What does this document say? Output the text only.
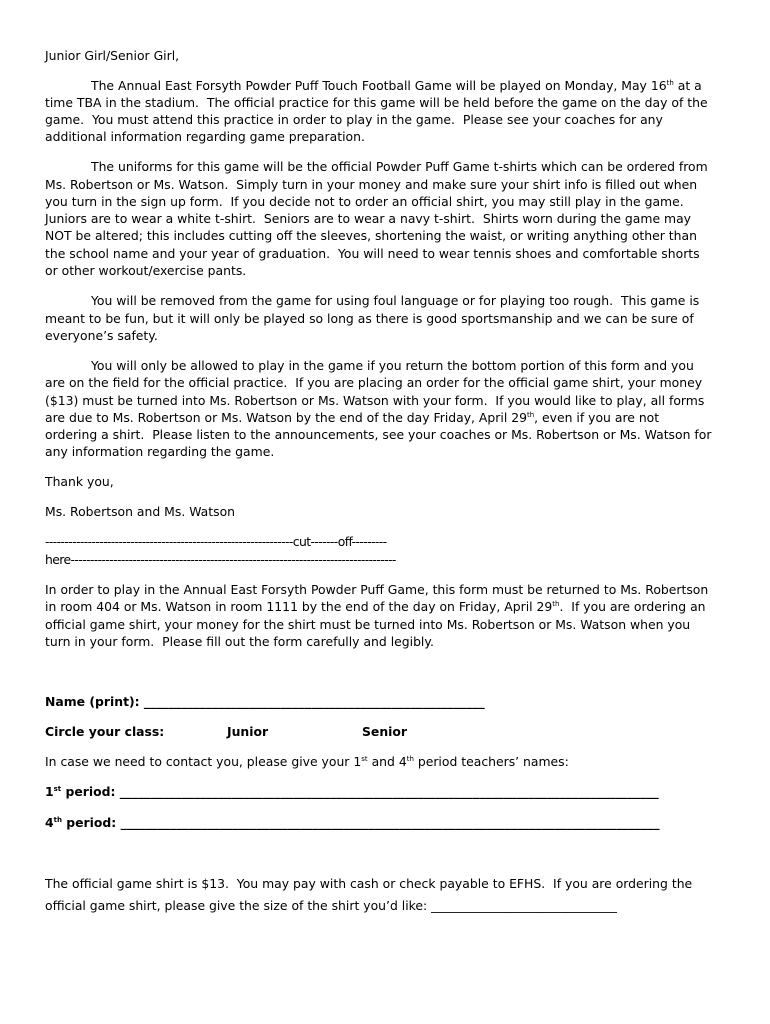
Junior Girl/Senior Girl,
The Annual East Forsyth Powder Puff Touch Football Game will be played on Monday, May 16th at a
time TBA in the stadium.  The official practice for this game will be held before the game on the day of the
game.  You must attend this practice in order to play in the game.  Please see your coaches for any
additional information regarding game preparation.
The uniforms for this game will be the official Powder Puff Game t-shirts which can be ordered from
Ms. Robertson or Ms. Watson.  Simply turn in your money and make sure your shirt info is filled out when
you turn in the sign up form.  If you decide not to order an official shirt, you may still play in the game.
Juniors are to wear a white t-shirt.  Seniors are to wear a navy t-shirt.  Shirts worn during the game may
NOT be altered; this includes cutting off the sleeves, shortening the waist, or writing anything other than
the school name and your year of graduation.  You will need to wear tennis shoes and comfortable shorts
or other workout/exercise pants.
You will be removed from the game for using foul language or for playing too rough.  This game is
meant to be fun, but it will only be played so long as there is good sportsmanship and we can be sure of
everyone’s safety.
You will only be allowed to play in the game if you return the bottom portion of this form and you
are on the field for the official practice.  If you are placing an order for the official game shirt, your money
($13) must be turned into Ms. Robertson or Ms. Watson with your form.  If you would like to play, all forms
are due to Ms. Robertson or Ms. Watson by the end of the day Friday, April 29th, even if you are not
ordering a shirt.  Please listen to the announcements, see your coaches or Ms. Robertson or Ms. Watson for
any information regarding the game.
Thank you,
Ms. Robertson and Ms. Watson
----------------------------------------------------------------cut-------off---------
here------------------------------------------------------------------------------------
In order to play in the Annual East Forsyth Powder Puff Game, this form must be returned to Ms. Robertson
in room 404 or Ms. Watson in room 1111 by the end of the day on Friday, April 29th.  If you are ordering an
official game shirt, your money for the shirt must be turned into Ms. Robertson or Ms. Watson when you
turn in your form.  Please fill out the form carefully and legibly.
Name (print): _______________________________________________________
Circle your class:	Junior	Senior
In case we need to contact you, please give your 1st and 4th period teachers’ names:
1st period: _______________________________________________________________________________________
4th period: _______________________________________________________________________________________
The official game shirt is $13.  You may pay with cash or check payable to EFHS.  If you are ordering the
official game shirt, please give the size of the shirt you’d like: ______________________________
